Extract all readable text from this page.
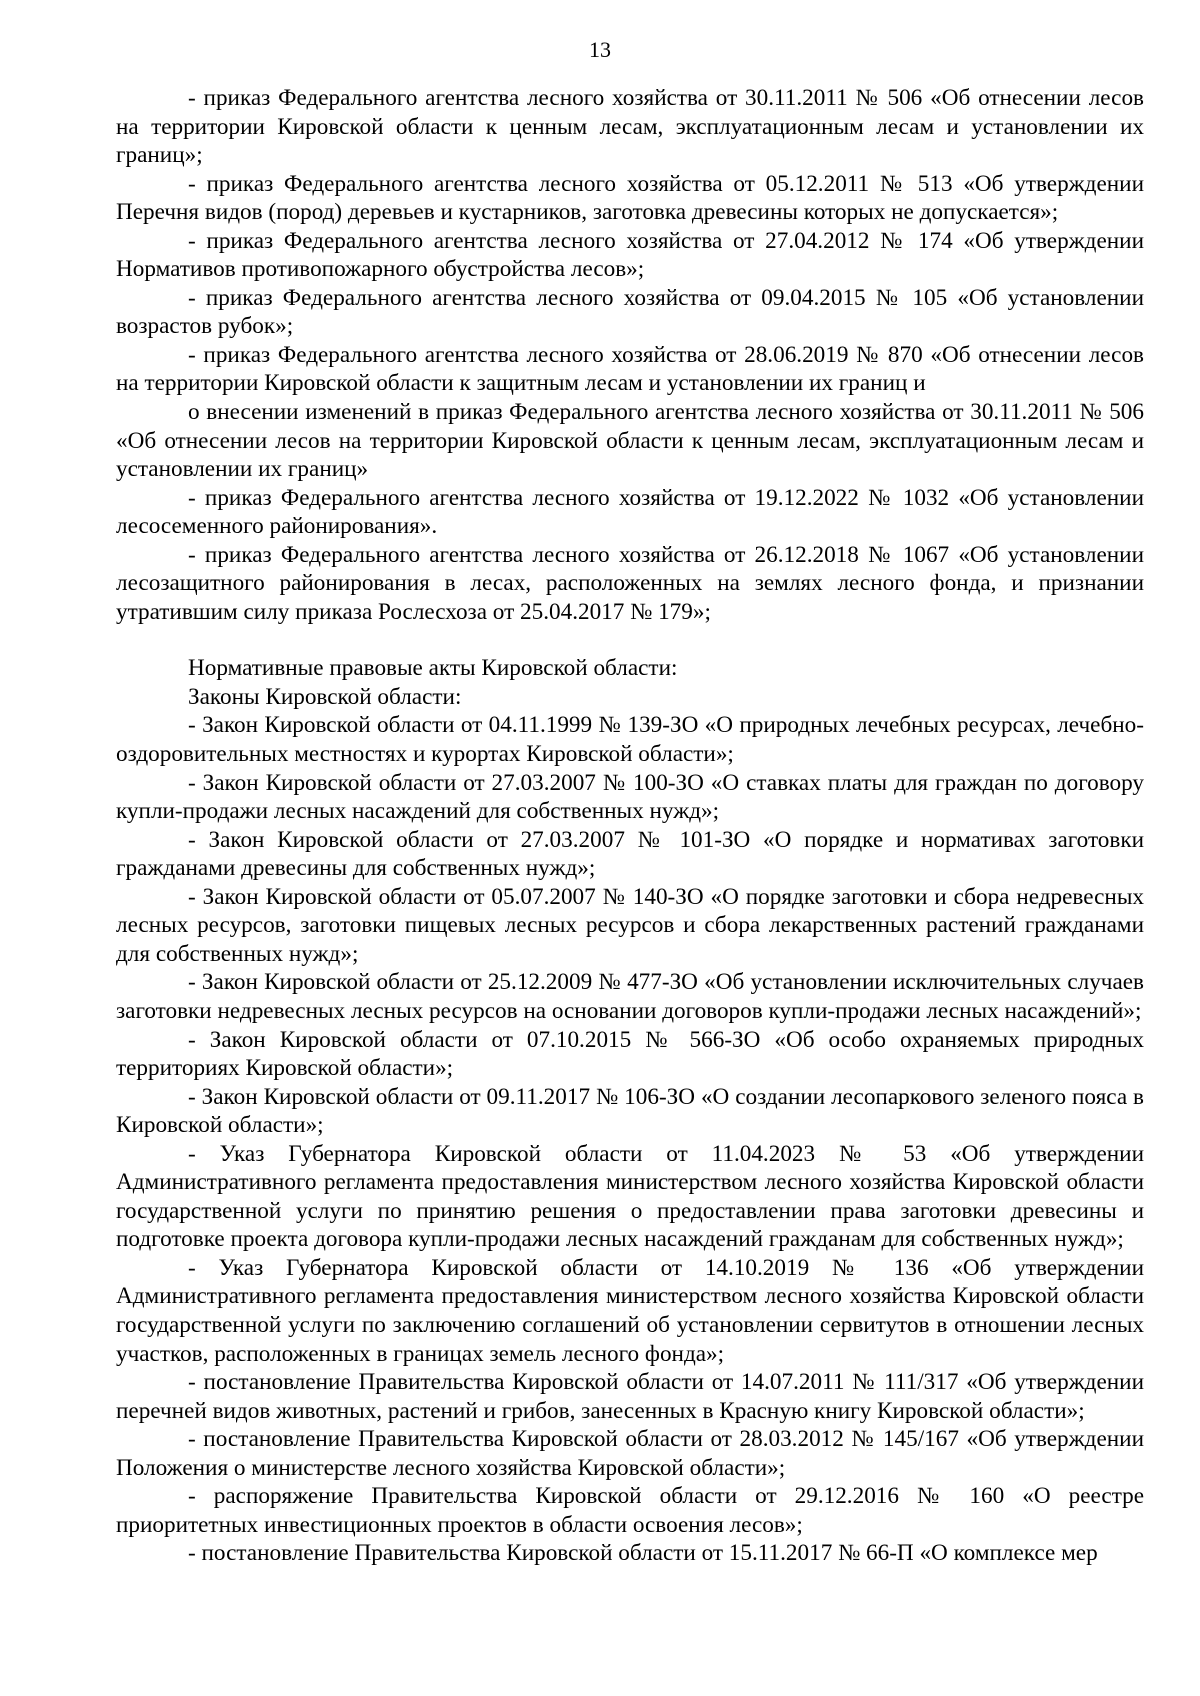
13

- приказ Федерального агентства лесного хозяйства от 30.11.2011 № 506 «Об отнесении лесов на территории Кировской области к ценным лесам, эксплуатационным лесам и установлении их границ»;

- приказ Федерального агентства лесного хозяйства от 05.12.2011 № 513 «Об утверждении Перечня видов (пород) деревьев и кустарников, заготовка древесины которых не допускается»;

- приказ Федерального агентства лесного хозяйства от 27.04.2012 № 174 «Об утверждении Нормативов противопожарного обустройства лесов»;

- приказ Федерального агентства лесного хозяйства от 09.04.2015 № 105 «Об установлении возрастов рубок»;

- приказ Федерального агентства лесного хозяйства от 28.06.2019 № 870 «Об отнесении лесов на территории Кировской области к защитным лесам и установлении их границ и

о внесении изменений в приказ Федерального агентства лесного хозяйства от 30.11.2011 № 506 «Об отнесении лесов на территории Кировской области к ценным лесам, эксплуатационным лесам и установлении их границ»

- приказ Федерального агентства лесного хозяйства от 19.12.2022 № 1032 «Об установлении лесосеменного районирования».

- приказ Федерального агентства лесного хозяйства от 26.12.2018 № 1067 «Об установлении лесозащитного районирования в лесах, расположенных на землях лесного фонда, и признании утратившим силу приказа Рослесхоза от 25.04.2017 № 179»;

Нормативные правовые акты Кировской области:

Законы Кировской области:

- Закон Кировской области от 04.11.1999 № 139-ЗО «О природных лечебных ресурсах, лечебно-оздоровительных местностях и курортах Кировской области»;

- Закон Кировской области от 27.03.2007 № 100-ЗО «О ставках платы для граждан по договору купли-продажи лесных насаждений для собственных нужд»;

- Закон Кировской области от 27.03.2007 № 101-ЗО «О порядке и нормативах заготовки гражданами древесины для собственных нужд»;

- Закон Кировской области от 05.07.2007 № 140-ЗО «О порядке заготовки и сбора недревесных лесных ресурсов, заготовки пищевых лесных ресурсов и сбора лекарственных растений гражданами для собственных нужд»;

- Закон Кировской области от 25.12.2009 № 477-ЗО «Об установлении исключительных случаев заготовки недревесных лесных ресурсов на основании договоров купли-продажи лесных насаждений»;

- Закон Кировской области от 07.10.2015 № 566-ЗО «Об особо охраняемых природных территориях Кировской области»;

- Закон Кировской области от 09.11.2017 № 106-ЗО «О создании лесопаркового зеленого пояса в Кировской области»;

- Указ Губернатора Кировской области от 11.04.2023 № 53 «Об утверждении Административного регламента предоставления министерством лесного хозяйства Кировской области государственной услуги по принятию решения о предоставлении права заготовки древесины и подготовке проекта договора купли-продажи лесных насаждений гражданам для собственных нужд»;

- Указ Губернатора Кировской области от 14.10.2019 № 136 «Об утверждении Административного регламента предоставления министерством лесного хозяйства Кировской области государственной услуги по заключению соглашений об установлении сервитутов в отношении лесных участков, расположенных в границах земель лесного фонда»;

- постановление Правительства Кировской области от 14.07.2011 № 111/317 «Об утверждении перечней видов животных, растений и грибов, занесенных в Красную книгу Кировской области»;

- постановление Правительства Кировской области от 28.03.2012 № 145/167 «Об утверждении Положения о министерстве лесного хозяйства Кировской области»;

- распоряжение Правительства Кировской области от 29.12.2016 № 160 «О реестре приоритетных инвестиционных проектов в области освоения лесов»;

- постановление Правительства Кировской области от 15.11.2017 № 66-П «О комплексе мер
